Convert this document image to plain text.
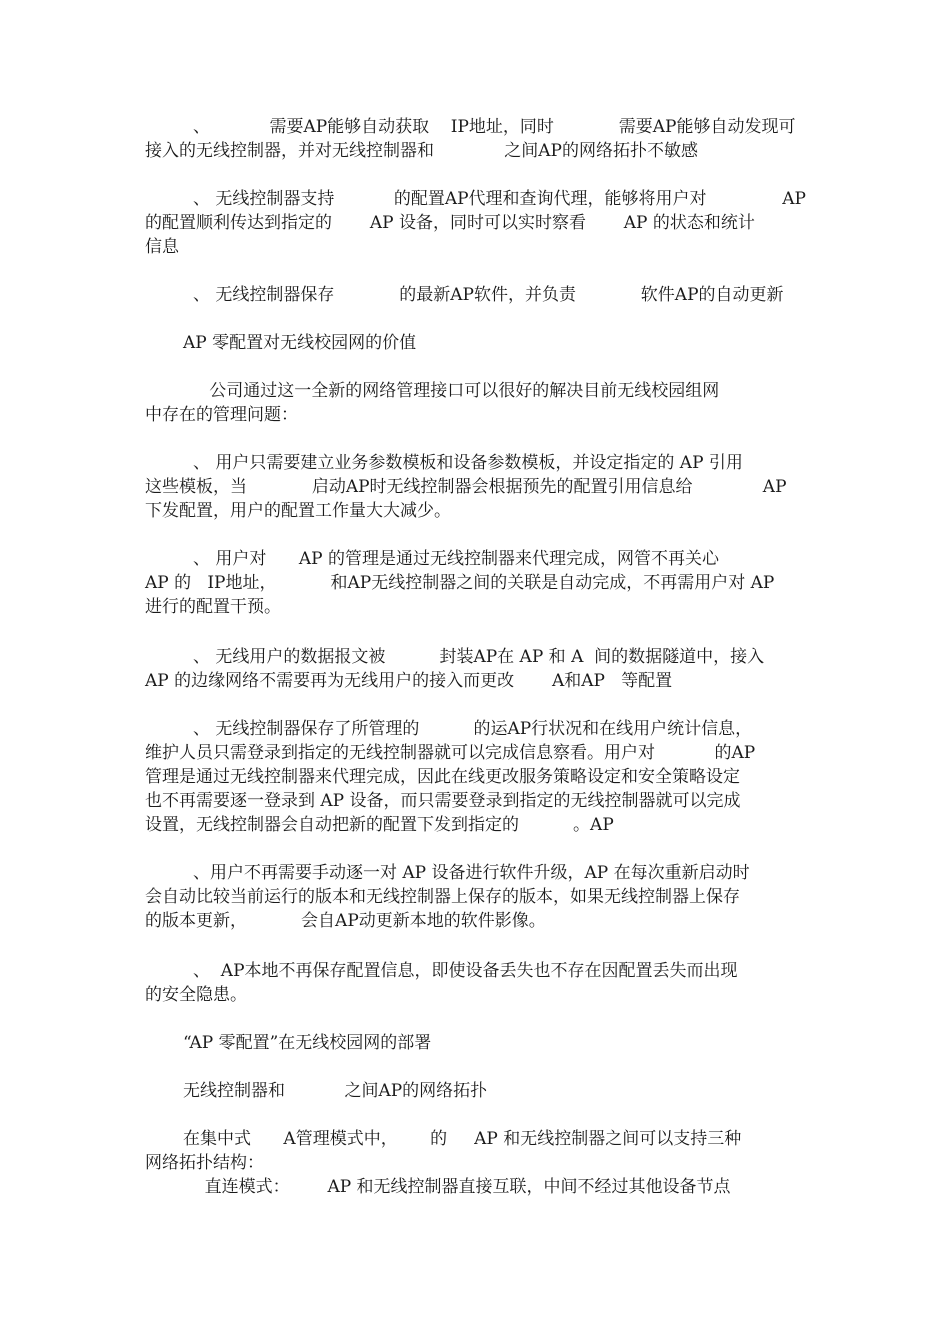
、           需要AP能够自动获取    IP地址，同时            需要AP能够自动发现可

接入的无线控制器，并对无线控制器和             之间AP的网络拓扑不敏感

、 无线控制器支持           的配置AP代理和查询代理，能够将用户对              AP

的配置顺利传达到指定的       AP 设备，同时可以实时察看       AP 的状态和统计

信息

、 无线控制器保存            的最新AP软件，并负责            软件AP的自动更新

AP 零配置对无线校园网的价值

公司通过这一全新的网络管理接口可以很好的解决目前无线校园组网

中存在的管理问题：

、 用户只需要建立业务参数模板和设备参数模板，并设定指定的 AP 引用

这些模板，当            启动AP时无线控制器会根据预先的配置引用信息给             AP

下发配置，用户的配置工作量大大减少。

、 用户对      AP 的管理是通过无线控制器来代理完成，网管不再关心

AP 的   IP地址，          和AP无线控制器之间的关联是自动完成，不再需用户对 AP

进行的配置干预。

、 无线用户的数据报文被          封装AP在 AP 和 A  间的数据隧道中，接入

AP 的边缘网络不需要再为无线用户的接入而更改       A和AP   等配置

、 无线控制器保存了所管理的          的运AP行状况和在线用户统计信息，

维护人员只需登录到指定的无线控制器就可以完成信息察看。用户对           的AP

管理是通过无线控制器来代理完成，因此在线更改服务策略设定和安全策略设定

也不再需要逐一登录到 AP 设备，而只需要登录到指定的无线控制器就可以完成

设置，无线控制器会自动把新的配置下发到指定的          。AP

、用户不再需要手动逐一对 AP 设备进行软件升级，AP 在每次重新启动时

会自动比较当前运行的版本和无线控制器上保存的版本，如果无线控制器上保存

的版本更新，          会自AP动更新本地的软件影像。

、  AP本地不再保存配置信息，即使设备丢失也不存在因配置丢失而出现

的安全隐患。

“AP 零配置”在无线校园网的部署

无线控制器和           之间AP的网络拓扑

在集中式      A管理模式中，      的     AP 和无线控制器之间可以支持三种

网络拓扑结构：

直连模式：       AP 和无线控制器直接互联，中间不经过其他设备节点
